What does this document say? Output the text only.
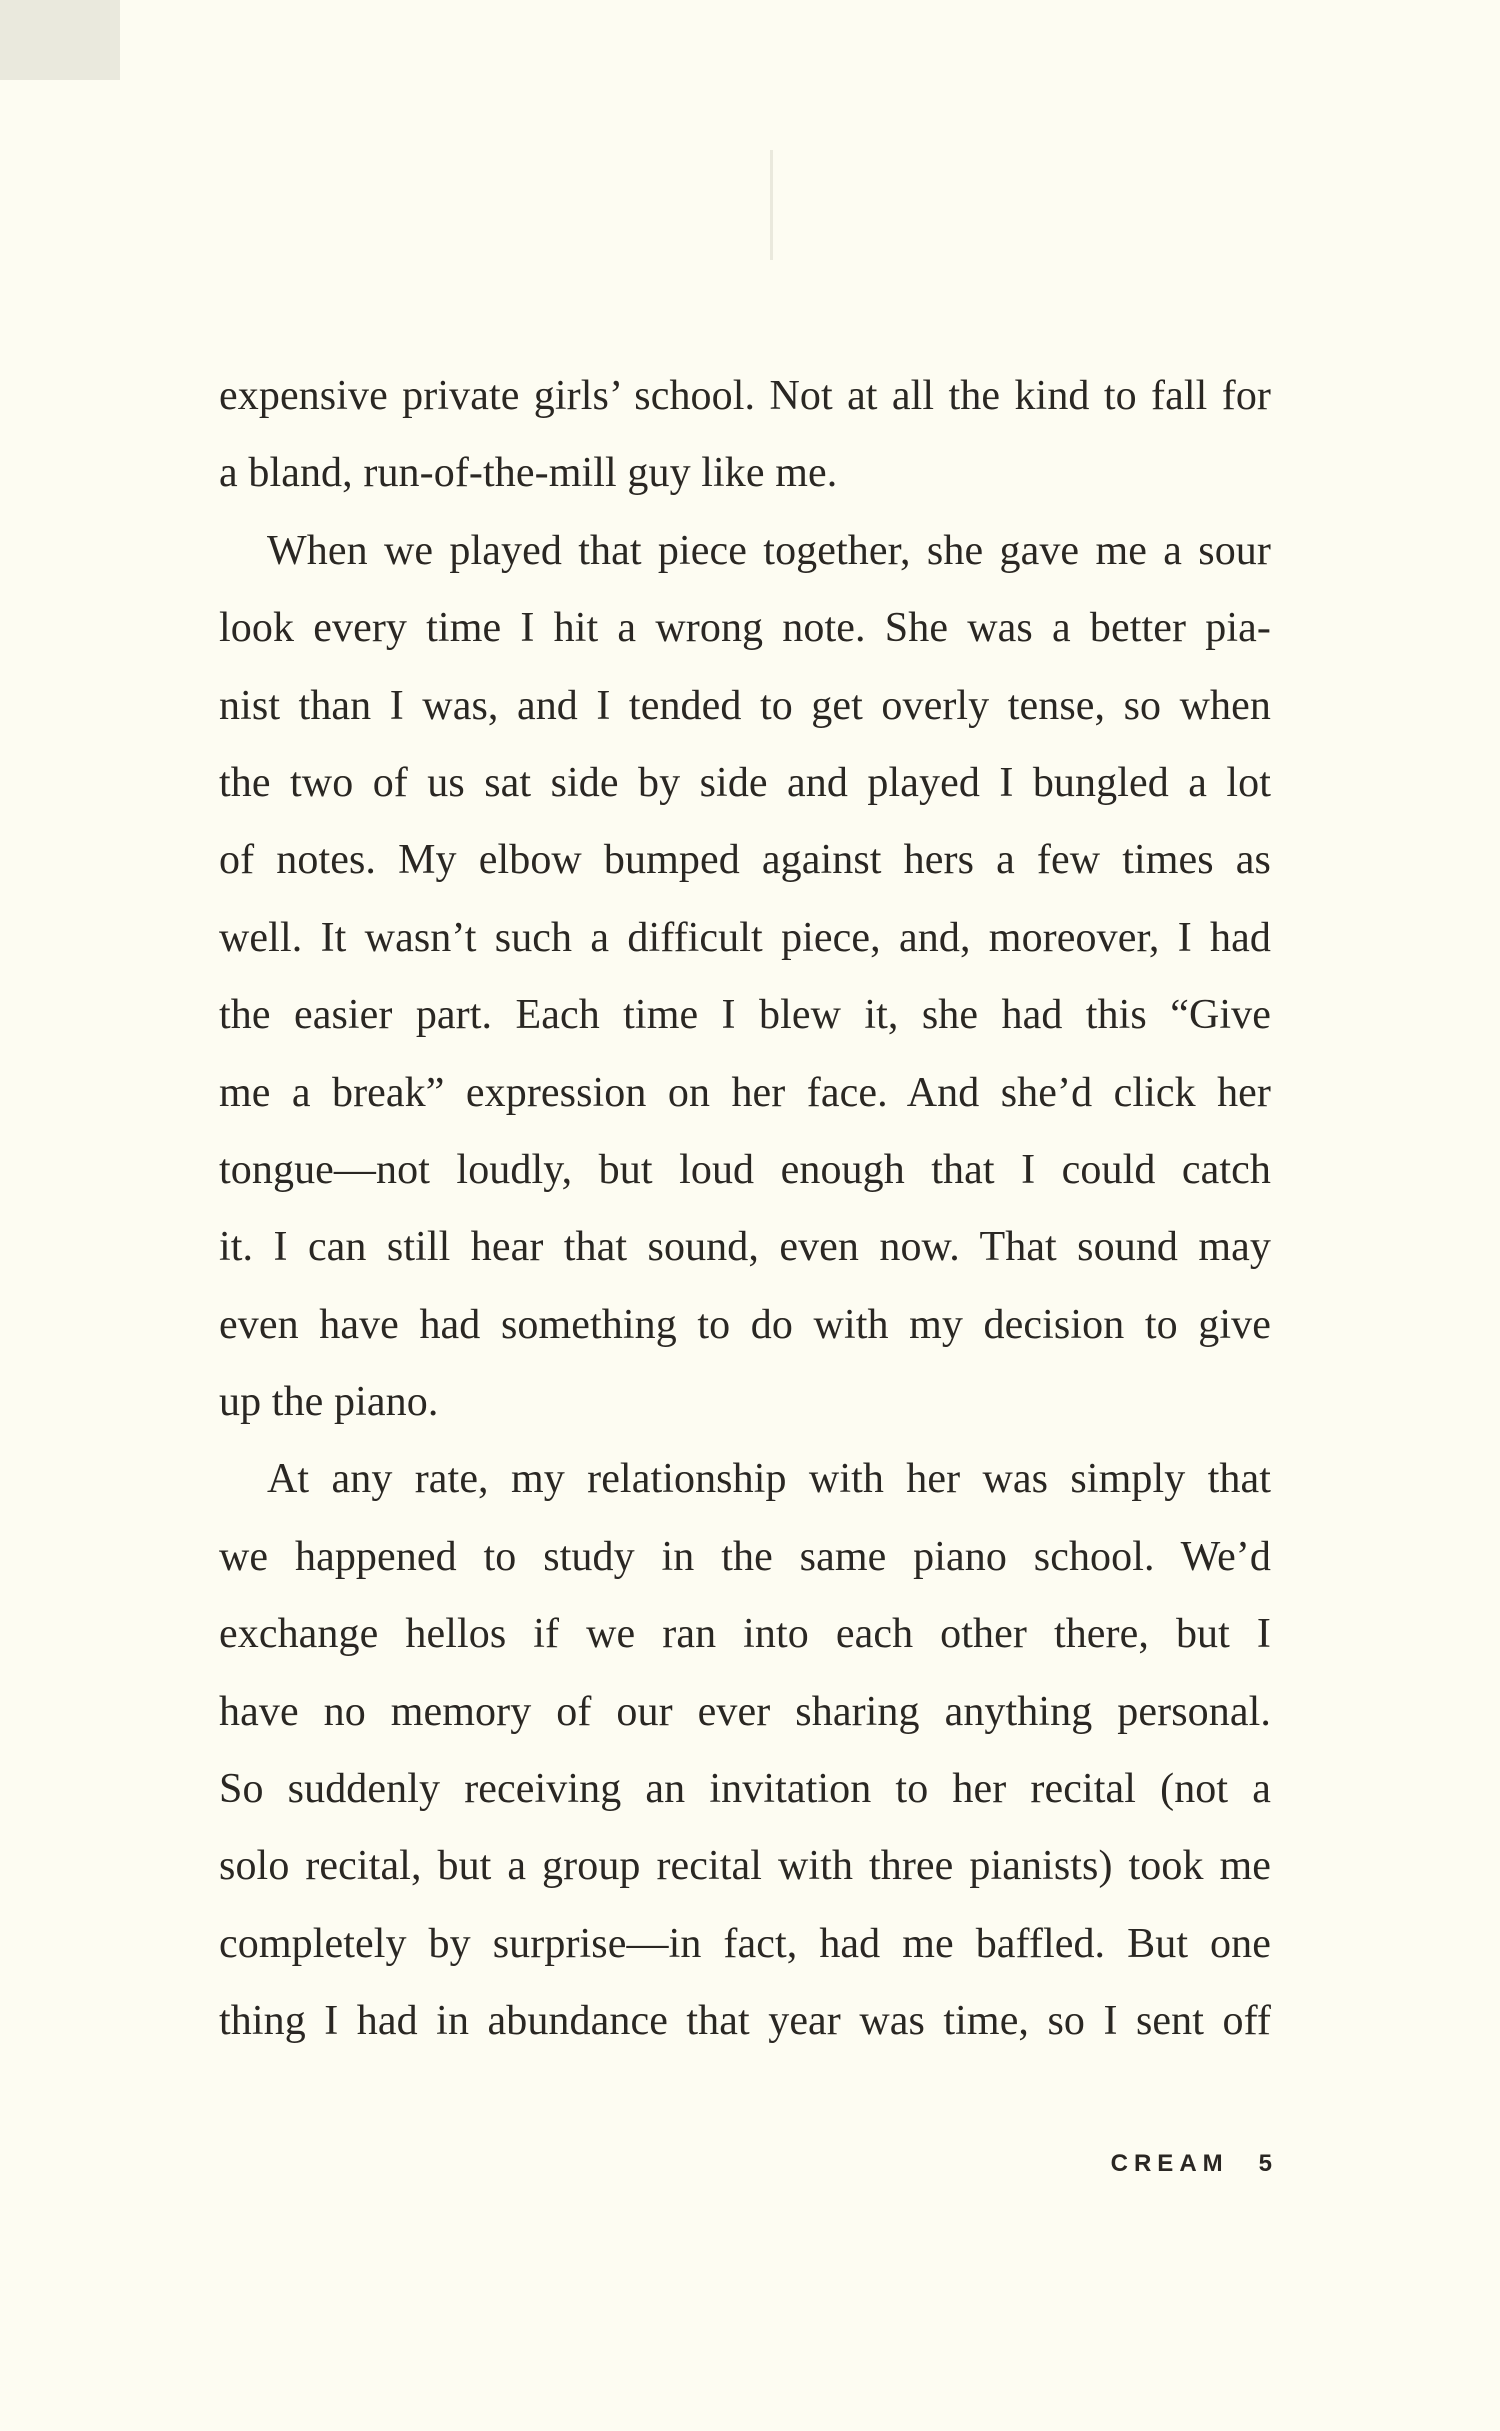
expensive private girls’ school. Not at all the kind to fall for
a bland, run-of-the-mill guy like me.
When we played that piece together, she gave me a sour
look every time I hit a wrong note. She was a better pia-
nist than I was, and I tended to get overly tense, so when
the two of us sat side by side and played I bungled a lot
of notes. My elbow bumped against hers a few times as
well. It wasn’t such a difficult piece, and, moreover, I had
the easier part. Each time I blew it, she had this “Give
me a break” expression on her face. And she’d click her
tongue—not loudly, but loud enough that I could catch
it. I can still hear that sound, even now. That sound may
even have had something to do with my decision to give
up the piano.
At any rate, my relationship with her was simply that
we happened to study in the same piano school. We’d
exchange hellos if we ran into each other there, but I
have no memory of our ever sharing anything personal.
So suddenly receiving an invitation to her recital (not a
solo recital, but a group recital with three pianists) took me
completely by surprise—in fact, had me baffled. But one
thing I had in abundance that year was time, so I sent off
CREAM 5
